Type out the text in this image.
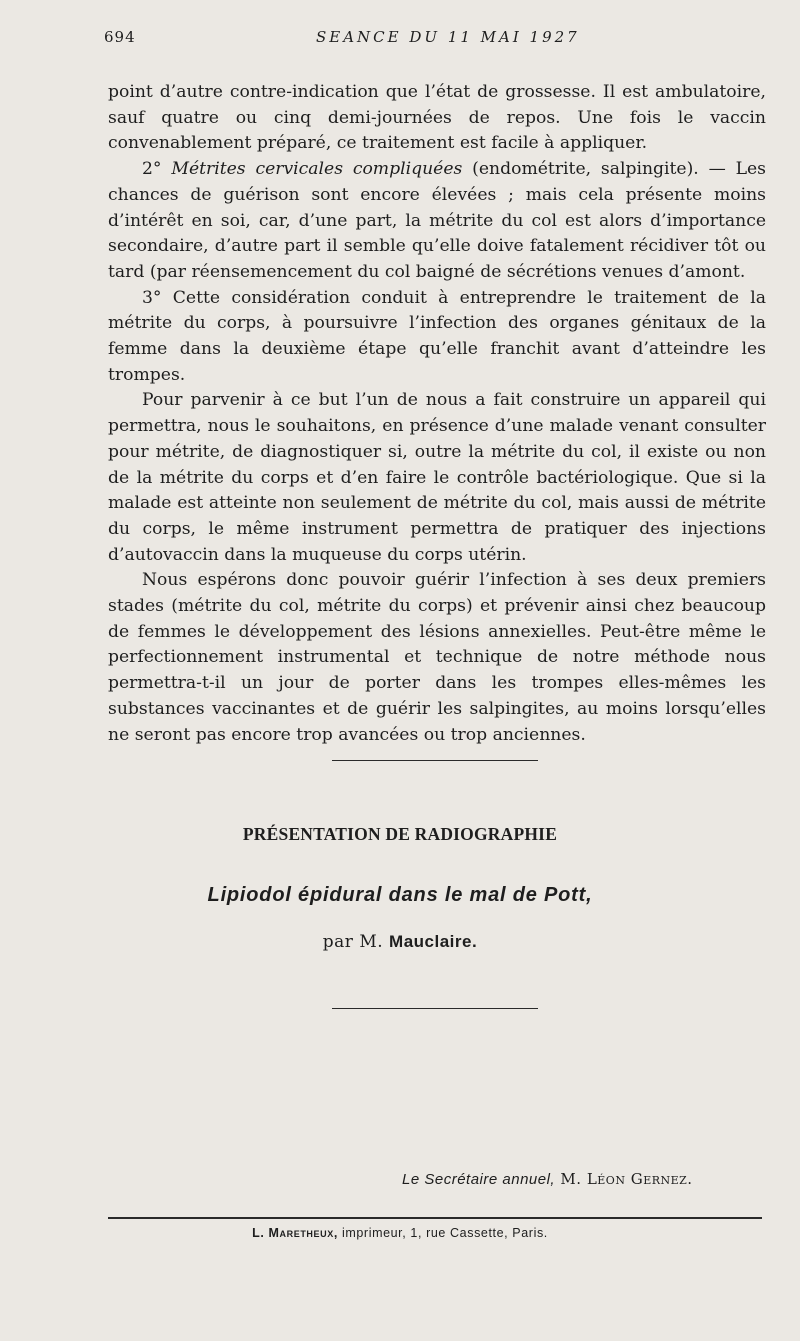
694	SEANCE DU 11 MAI 1927

point d’autre contre-indication que l’état de grossesse. Il est ambulatoire, sauf quatre ou cinq demi-journées de repos. Une fois le vaccin convenablement préparé, ce traitement est facile à appliquer.

2° Métrites cervicales compliquées (endométrite, salpingite). — Les chances de guérison sont encore élevées ; mais cela présente moins d’intérêt en soi, car, d’une part, la métrite du col est alors d’importance secondaire, d’autre part il semble qu’elle doive fatalement récidiver tôt ou tard (par réensemencement du col baigné de sécrétions venues d’amont.

3° Cette considération conduit à entreprendre le traitement de la métrite du corps, à poursuivre l’infection des organes génitaux de la femme dans la deuxième étape qu’elle franchit avant d’atteindre les trompes.

Pour parvenir à ce but l’un de nous a fait construire un appareil qui permettra, nous le souhaitons, en présence d’une malade venant consulter pour métrite, de diagnostiquer si, outre la métrite du col, il existe ou non de la métrite du corps et d’en faire le contrôle bactériologique. Que si la malade est atteinte non seulement de métrite du col, mais aussi de métrite du corps, le même instrument permettra de pratiquer des injections d’autovaccin dans la muqueuse du corps utérin.

Nous espérons donc pouvoir guérir l’infection à ses deux premiers stades (métrite du col, métrite du corps) et prévenir ainsi chez beaucoup de femmes le développement des lésions annexielles. Peut-être même le perfectionnement instrumental et technique de notre méthode nous permettra-t-il un jour de porter dans les trompes elles-mêmes les substances vaccinantes et de guérir les salpingites, au moins lorsqu’elles ne seront pas encore trop avancées ou trop anciennes.

PRÉSENTATION DE RADIOGRAPHIE
Lipiodol épidural dans le mal de Pott,
par M. Mauclaire.
Le Secrétaire annuel, M. Léon Gernez.
L. Maretheux, imprimeur, 1, rue Cassette, Paris.
